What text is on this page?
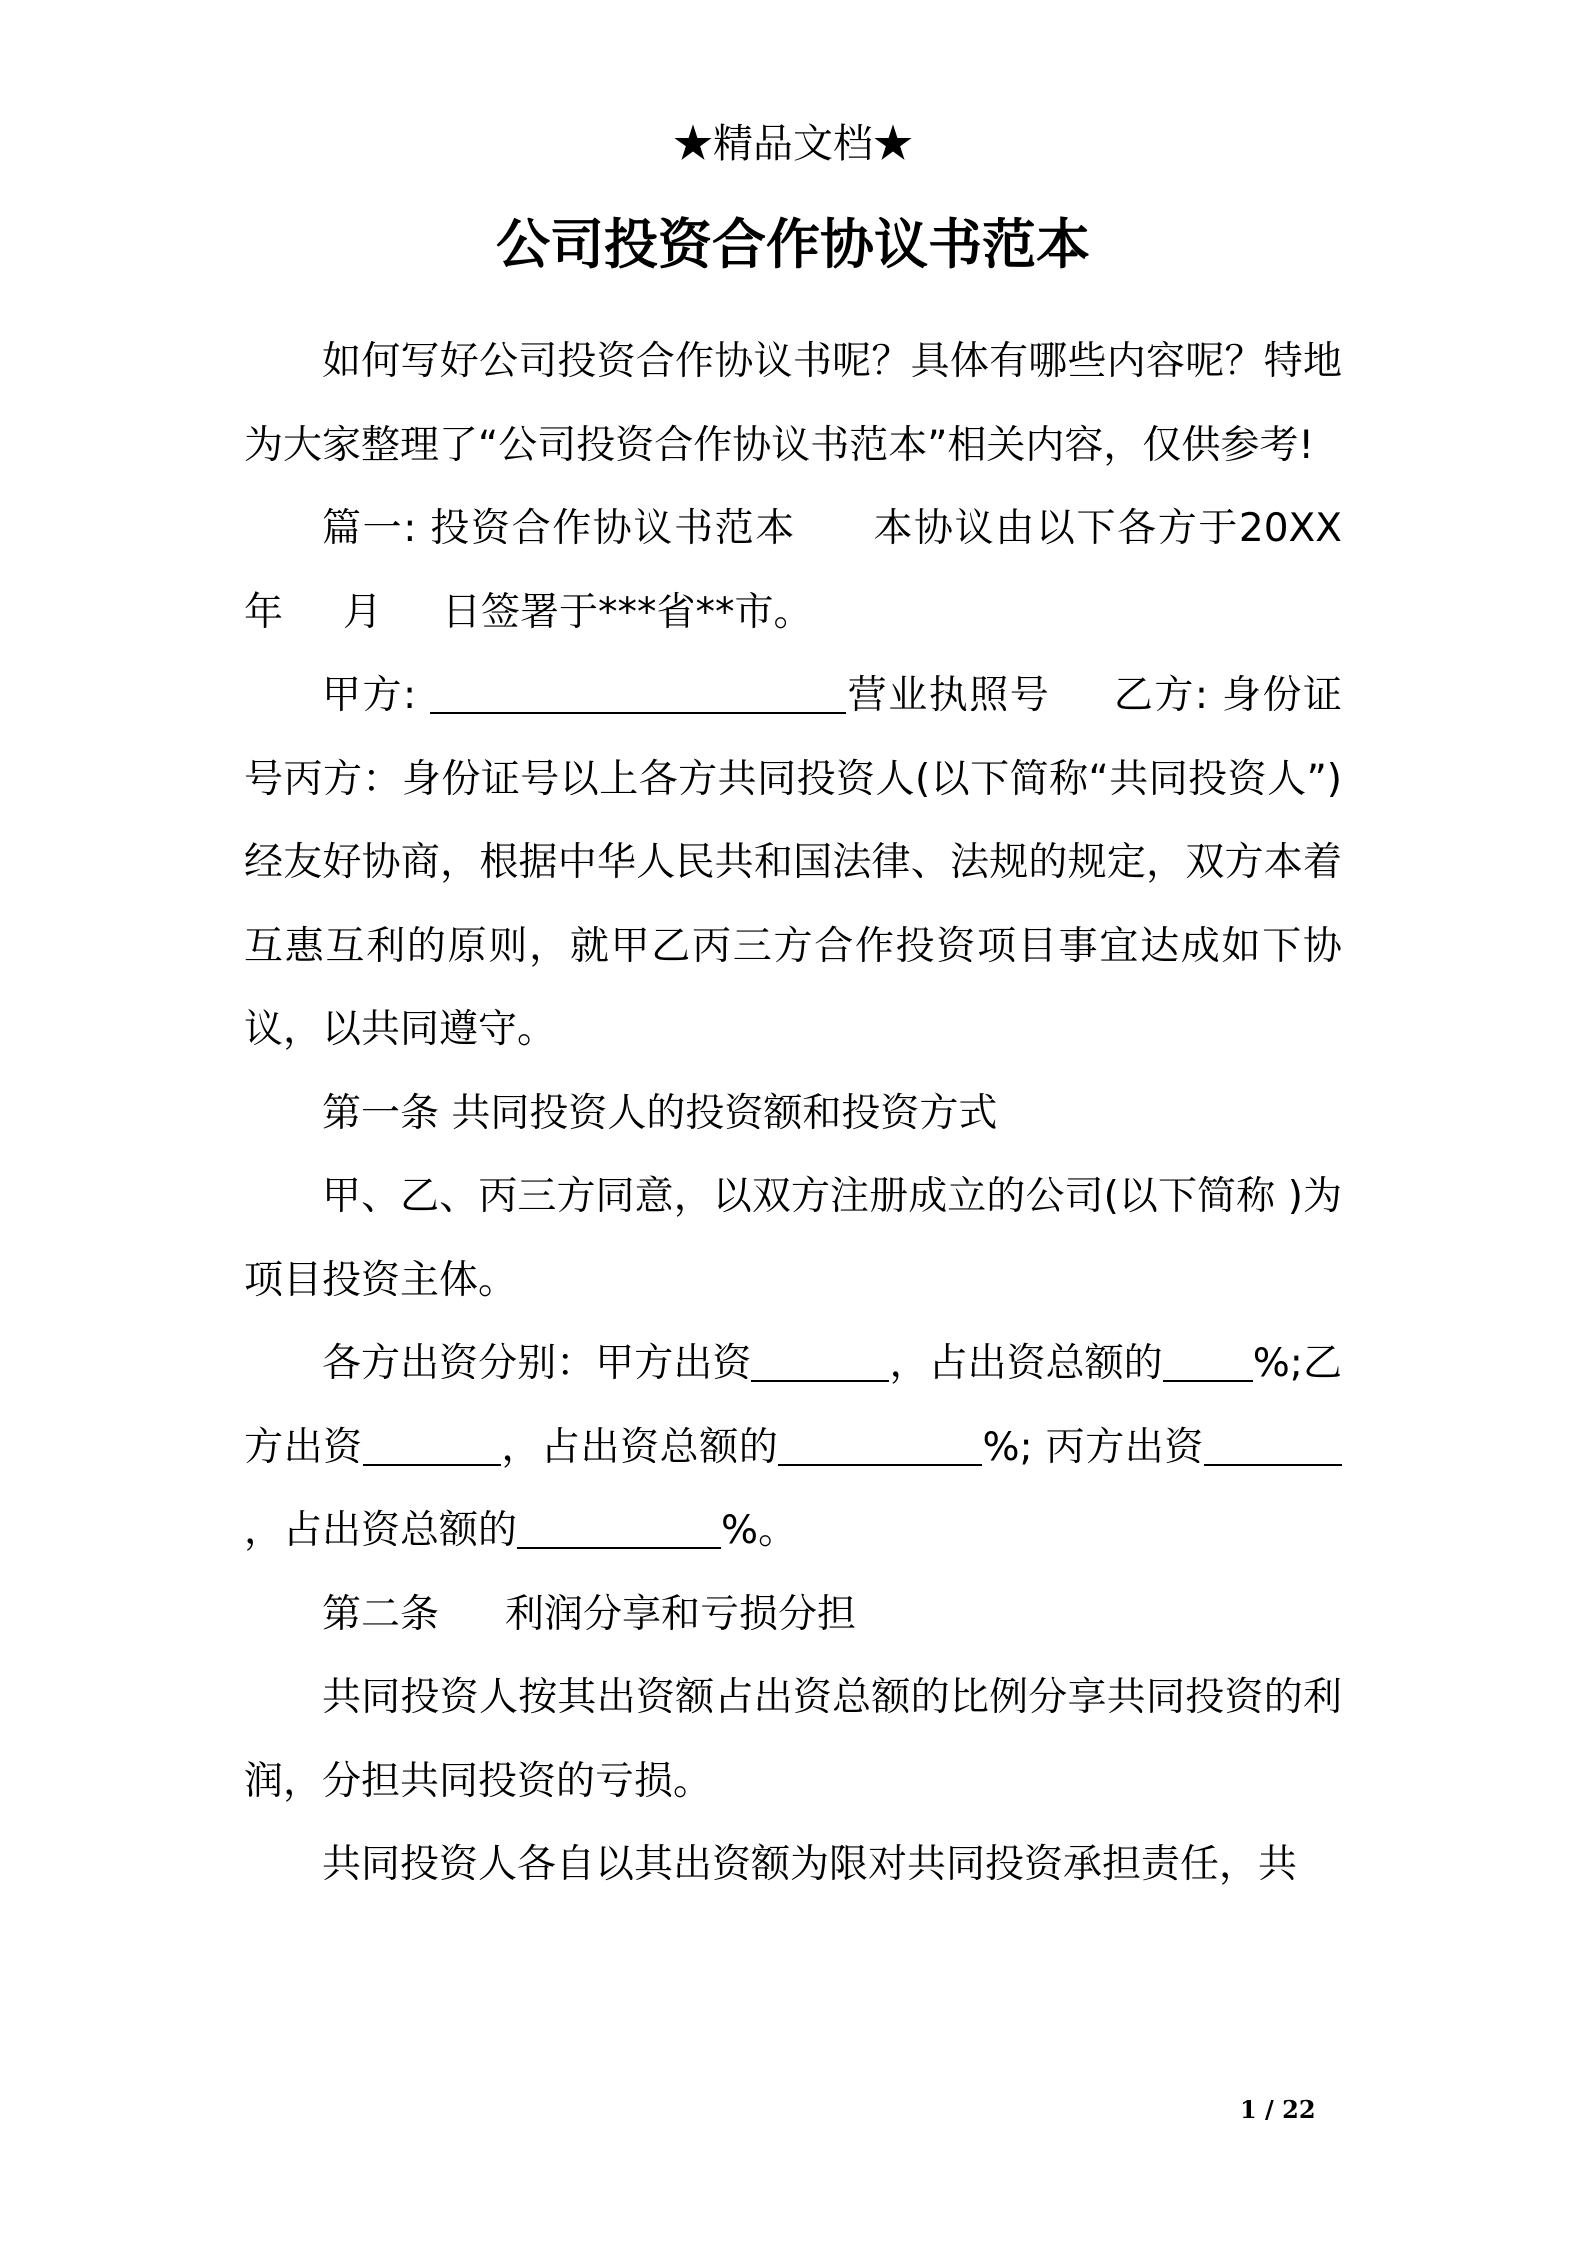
★精品文档★
公司投资合作协议书范本

如何写好公司投资合作协议书呢？具体有哪些内容呢？特地为大家整理了“公司投资合作协议书范本”相关内容，仅供参考!

篇一: 投资合作协议书范本 本协议由以下各方于20XX年 月 日签署于***省**市。

甲方:	营业执照号 乙方: 身份证号丙方：身份证号以上各方共同投资人(以下简称“共同投资人”)经友好协商，根据中华人民共和国法律、法规的规定，双方本着互惠互利的原则，就甲乙丙三方合作投资项目事宜达成如下协议，以共同遵守。

第一条 共同投资人的投资额和投资方式

甲、乙、丙三方同意，以双方注册成立的公司(以下简称 )为项目投资主体。

各方出资分别：甲方出资	，占出资总额的 %;乙方出资	，占出资总额的	%; 丙方出资，占出资总额的	%。

第二条 利润分享和亏损分担

共同投资人按其出资额占出资总额的比例分享共同投资的利润，分担共同投资的亏损。

共同投资人各自以其出资额为限对共同投资承担责任，共

1 / 22
